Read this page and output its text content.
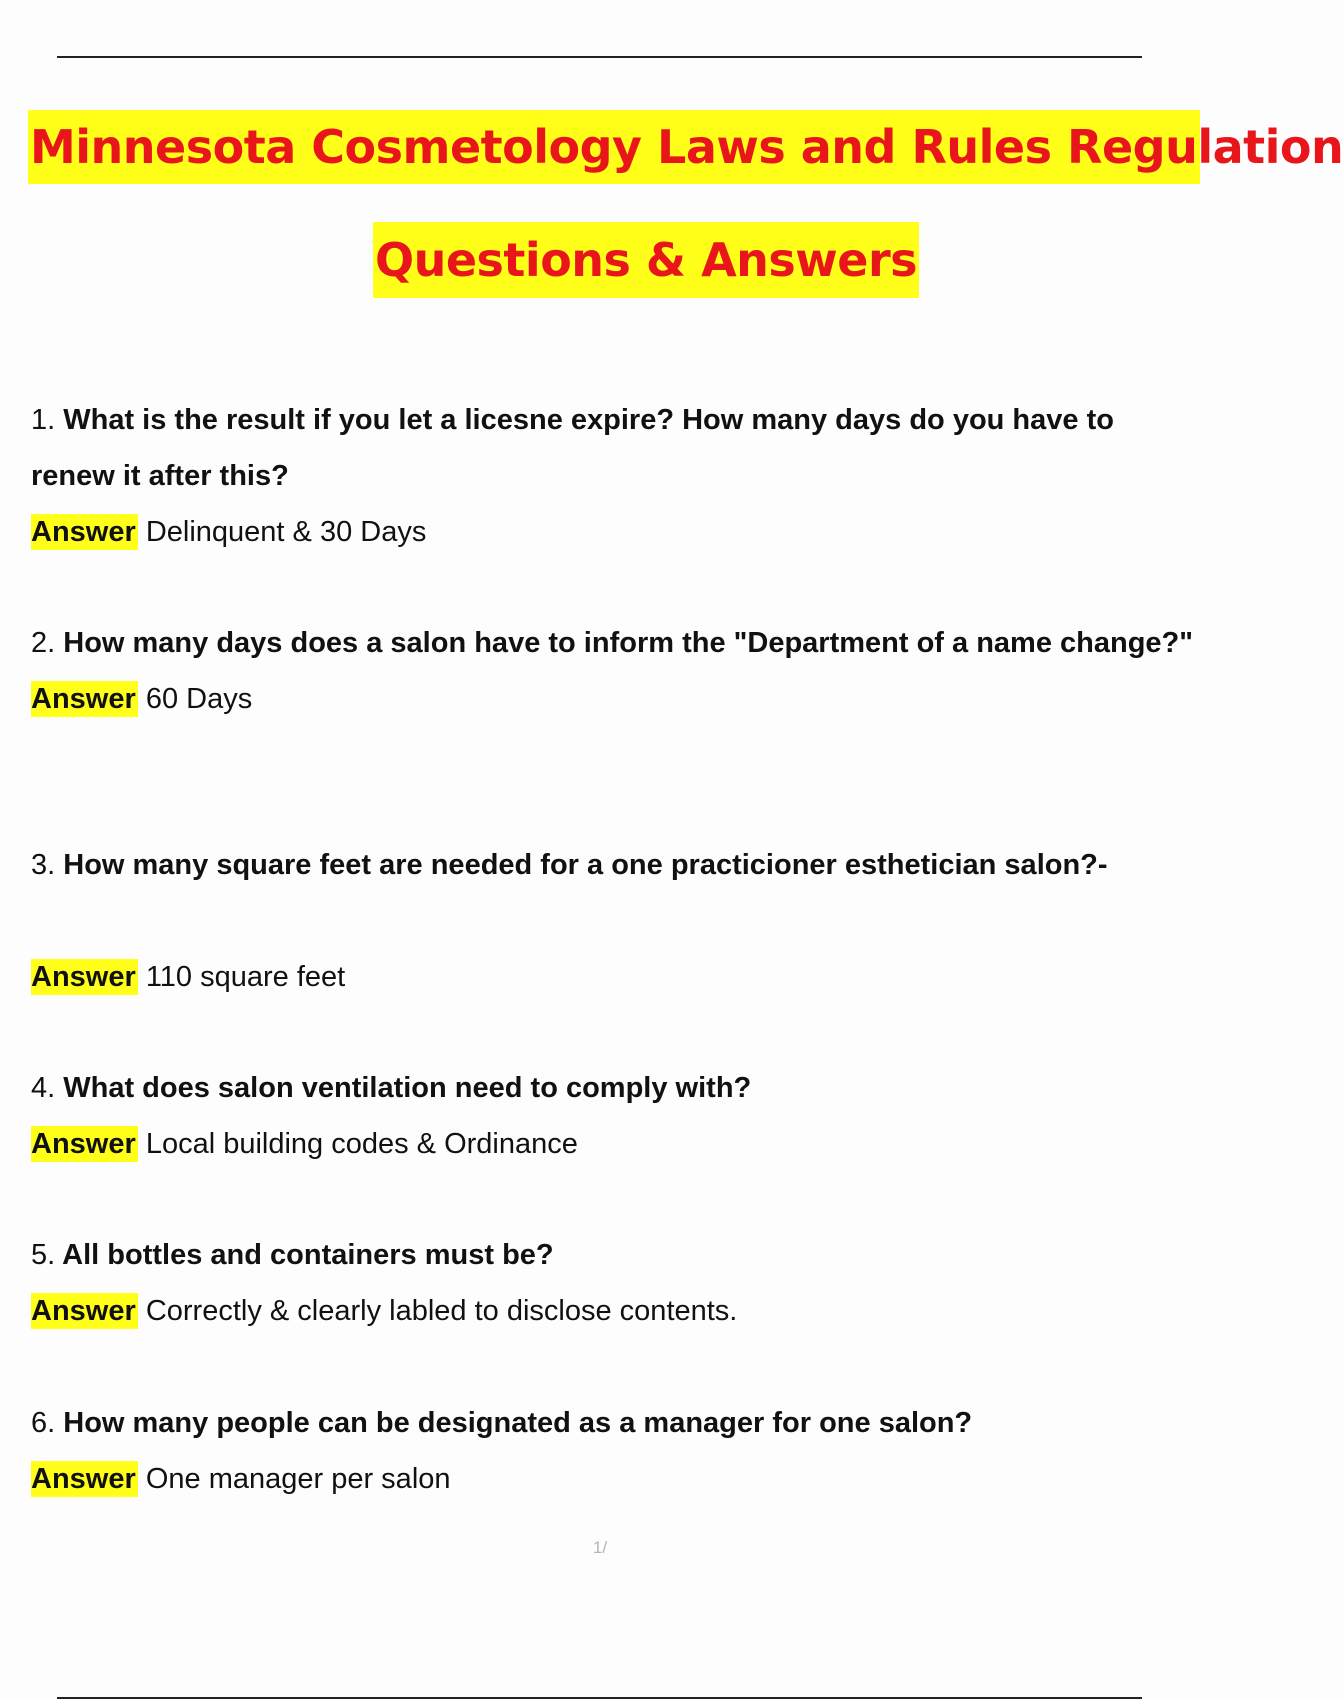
Minnesota Cosmetology Laws and Rules Regulation
Questions & Answers
1. What is the result if you let a licesne expire? How many days do you have to renew it after this?
Answer Delinquent & 30 Days
2. How many days does a salon have to inform the "Department of a name change?"
Answer 60 Days
3. How many square feet are needed for a one practicioner esthetician salon?-
Answer 110 square feet
4. What does salon ventilation need to comply with?
Answer Local building codes & Ordinance
5. All bottles and containers must be?
Answer Correctly & clearly labled to disclose contents.
6. How many people can be designated as a manager for one salon?
Answer One manager per salon
1/
